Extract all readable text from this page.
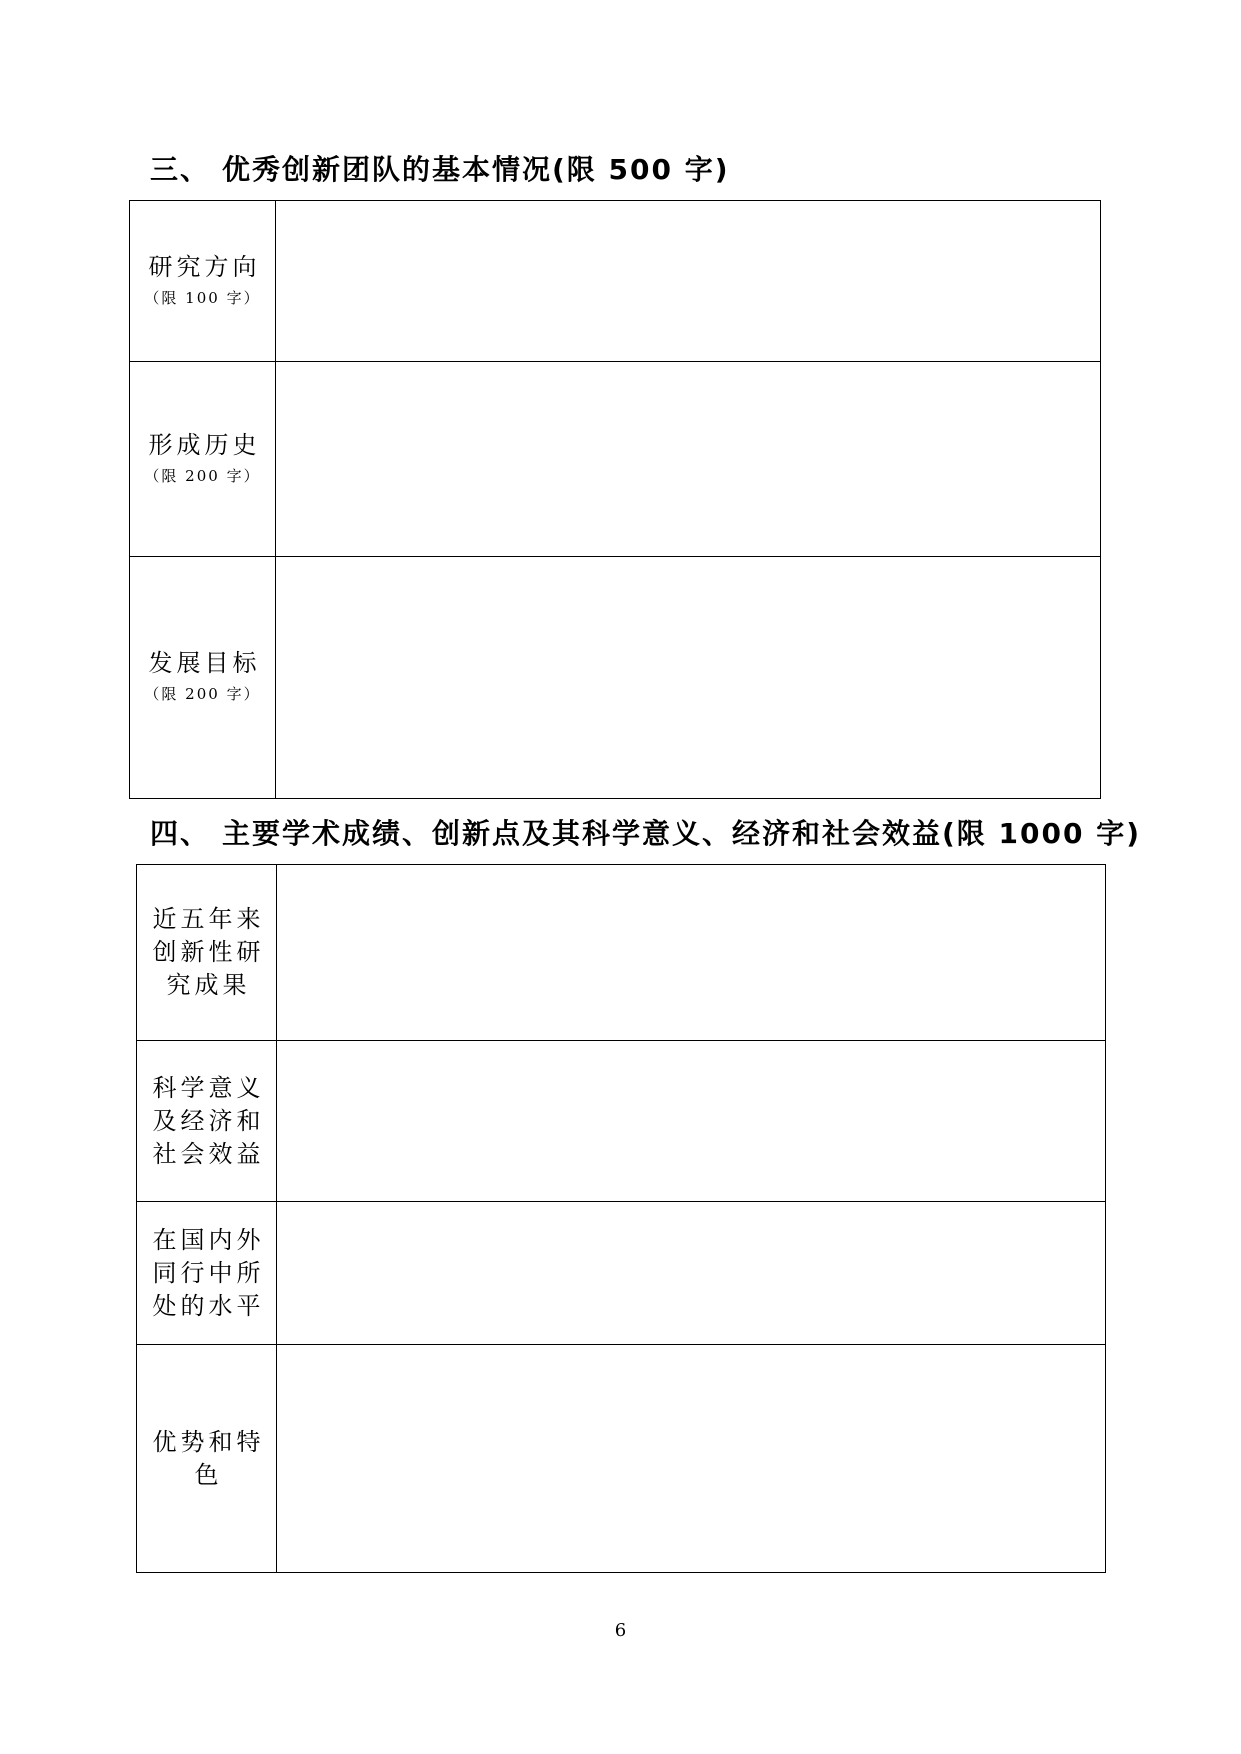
三、 优秀创新团队的基本情况(限 500 字)
研究方向
（限 100 字）	

形成历史
（限 200 字）	

发展目标
（限 200 字）	

四、 主要学术成绩、创新点及其科学意义、经济和社会效益(限 1000 字)
近五年来
创新性研
究成果	

科学意义
及经济和
社会效益	

在国内外
同行中所
处的水平	

优势和特
色	

6
